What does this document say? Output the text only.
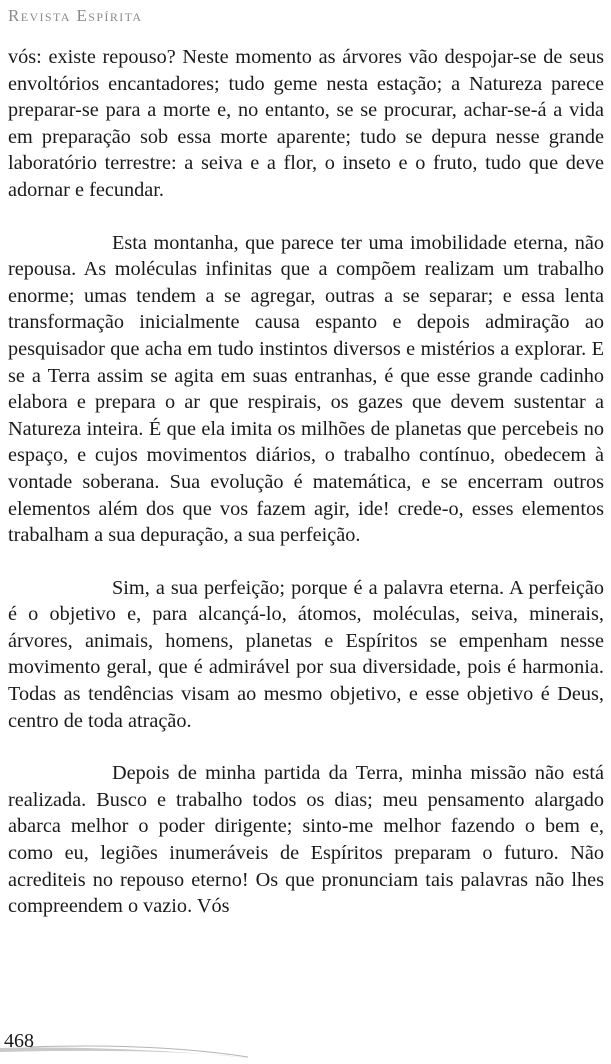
Revista Espírita

vós: existe repouso? Neste momento as árvores vão despojar-se de seus envoltórios encantadores; tudo geme nesta estação; a Natureza parece preparar-se para a morte e, no entanto, se se procurar, achar-se-á a vida em preparação sob essa morte aparente; tudo se depura nesse grande laboratório terrestre: a seiva e a flor, o inseto e o fruto, tudo que deve adornar e fecundar.

Esta montanha, que parece ter uma imobilidade eterna, não repousa. As moléculas infinitas que a compõem realizam um trabalho enorme; umas tendem a se agregar, outras a se separar; e essa lenta transformação inicialmente causa espanto e depois admiração ao pesquisador que acha em tudo instintos diversos e mistérios a explorar. E se a Terra assim se agita em suas entranhas, é que esse grande cadinho elabora e prepara o ar que respirais, os gazes que devem sustentar a Natureza inteira. É que ela imita os milhões de planetas que percebeis no espaço, e cujos movimentos diários, o trabalho contínuo, obedecem à vontade soberana. Sua evolução é matemática, e se encerram outros elementos além dos que vos fazem agir, ide! crede-o, esses elementos trabalham a sua depuração, a sua perfeição.

Sim, a sua perfeição; porque é a palavra eterna. A perfeição é o objetivo e, para alcançá-lo, átomos, moléculas, seiva, minerais, árvores, animais, homens, planetas e Espíritos se empenham nesse movimento geral, que é admirável por sua diversidade, pois é harmonia. Todas as tendências visam ao mesmo objetivo, e esse objetivo é Deus, centro de toda atração.

Depois de minha partida da Terra, minha missão não está realizada. Busco e trabalho todos os dias; meu pensamento alargado abarca melhor o poder dirigente; sinto-me melhor fazendo o bem e, como eu, legiões inumeráveis de Espíritos preparam o futuro. Não acrediteis no repouso eterno! Os que pronunciam tais palavras não lhes compreendem o vazio. Vós

468
